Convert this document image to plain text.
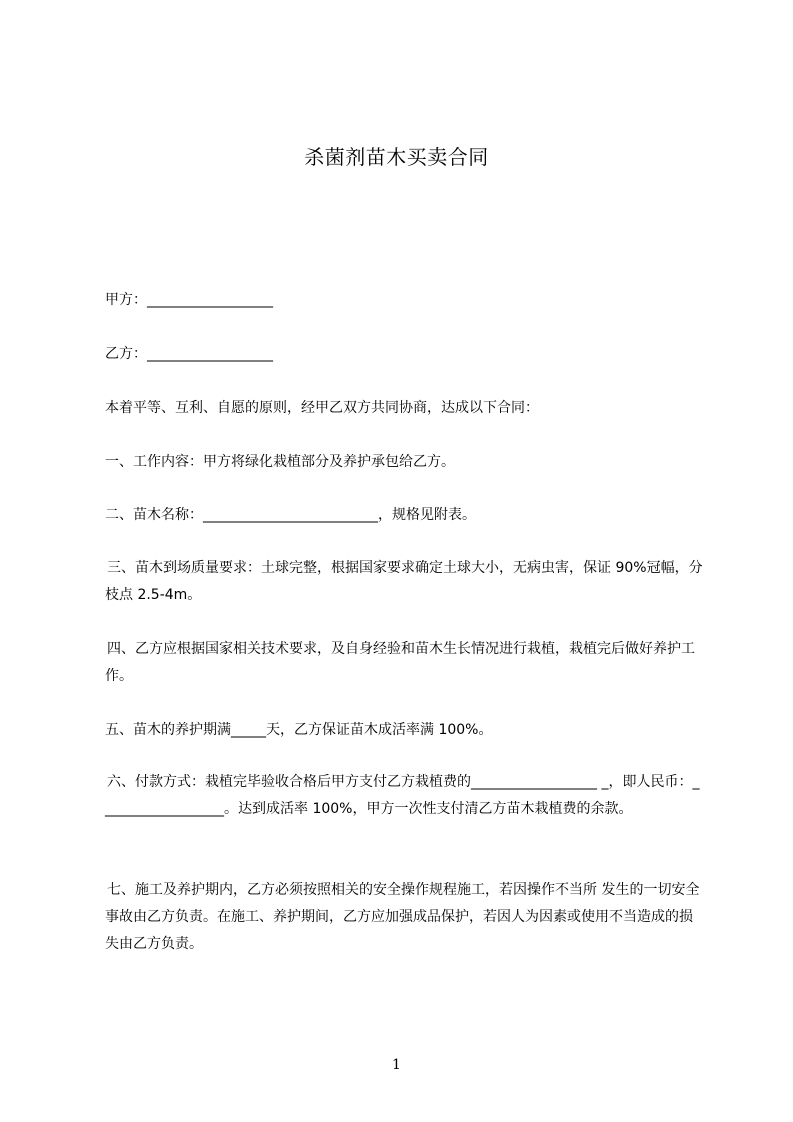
杀菌剂苗木买卖合同
甲方：__________________
乙方：__________________
本着平等、互利、自愿的原则，经甲乙双方共同协商，达成以下合同：
一、工作内容：甲方将绿化栽植部分及养护承包给乙方。
二、苗木名称：_________________________，规格见附表。
三、苗木到场质量要求：土球完整，根据国家要求确定土球大小，无病虫害，保证 90%冠幅，分枝点 2.5-4m。
四、乙方应根据国家相关技术要求，及自身经验和苗木生长情况进行栽植，栽植完后做好养护工作。
五、苗木的养护期满_____天，乙方保证苗木成活率满 100%。
六、付款方式：栽植完毕验收合格后甲方支付乙方栽植费的__________________ _，即人民币：__________________。达到成活率 100%，甲方一次性支付清乙方苗木栽植费的余款。
七、施工及养护期内，乙方必须按照相关的安全操作规程施工，若因操作不当所 发生的一切安全事故由乙方负责。在施工、养护期间，乙方应加强成品保护，若因人为因素或使用不当造成的损失由乙方负责。
1
